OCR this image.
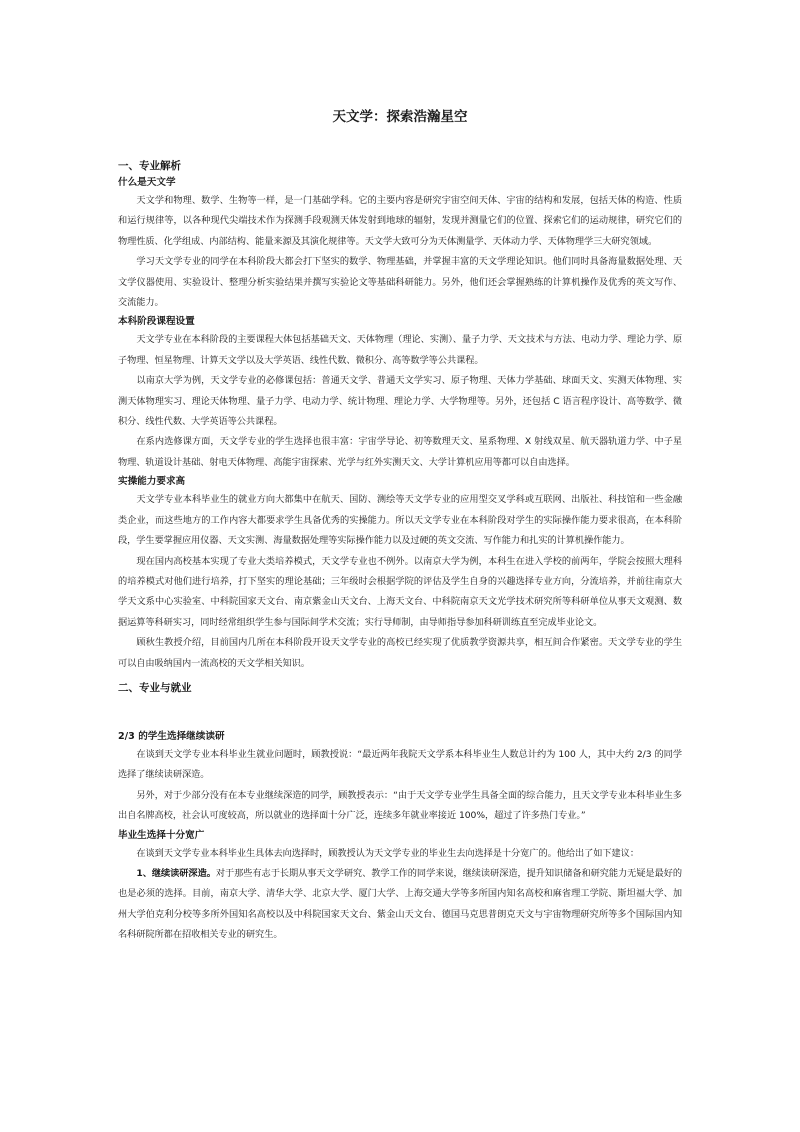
天文学：探索浩瀚星空
一、专业解析
什么是天文学

天文学和物理、数学、生物等一样，是一门基础学科。它的主要内容是研究宇宙空间天体、宇宙的结构和发展，包括天体的构造、性质和运行规律等，以各种现代尖端技术作为探测手段观测天体发射到地球的辐射，发现并测量它们的位置、探索它们的运动规律，研究它们的物理性质、化学组成、内部结构、能量来源及其演化规律等。天文学大致可分为天体测量学、天体动力学、天体物理学三大研究领域。

学习天文学专业的同学在本科阶段大都会打下坚实的数学、物理基础，并掌握丰富的天文学理论知识。他们同时具备海量数据处理、天文学仪器使用、实验设计、整理分析实验结果并撰写实验论文等基础科研能力。另外，他们还会掌握熟练的计算机操作及优秀的英文写作、交流能力。

本科阶段课程设置

天文学专业在本科阶段的主要课程大体包括基础天文、天体物理（理论、实测）、量子力学、天文技术与方法、电动力学、理论力学、原子物理、恒星物理、计算天文学以及大学英语、线性代数、微积分、高等数学等公共课程。

以南京大学为例，天文学专业的必修课包括：普通天文学、普通天文学实习、原子物理、天体力学基础、球面天文、实测天体物理、实测天体物理实习、理论天体物理、量子力学、电动力学、统计物理、理论力学、大学物理等。另外，还包括 C 语言程序设计、高等数学、微积分、线性代数、大学英语等公共课程。

在系内选修课方面，天文学专业的学生选择也很丰富：宇宙学导论、初等数理天文、星系物理、X 射线双星、航天器轨道力学、中子星物理、轨道设计基础、射电天体物理、高能宇宙探索、光学与红外实测天文、大学计算机应用等都可以自由选择。

实操能力要求高

天文学专业本科毕业生的就业方向大都集中在航天、国防、测绘等天文学专业的应用型交叉学科或互联网、出版社、科技馆和一些金融类企业，而这些地方的工作内容大都要求学生具备优秀的实操能力。所以天文学专业在本科阶段对学生的实际操作能力要求很高，在本科阶段，学生要掌握应用仪器、天文实测、海量数据处理等实际操作能力以及过硬的英文交流、写作能力和扎实的计算机操作能力。

现在国内高校基本实现了专业大类培养模式，天文学专业也不例外。以南京大学为例，本科生在进入学校的前两年，学院会按照大理科的培养模式对他们进行培养，打下坚实的理论基础；三年级时会根据学院的评估及学生自身的兴趣选择专业方向，分流培养，并前往南京大学天文系中心实验室、中科院国家天文台、南京紫金山天文台、上海天文台、中科院南京天文光学技术研究所等科研单位从事天文观测、数据运算等科研实习，同时经常组织学生参与国际间学术交流；实行导师制，由导师指导参加科研训练直至完成毕业论文。

顾秋生教授介绍，目前国内几所在本科阶段开设天文学专业的高校已经实现了优质教学资源共享，相互间合作紧密。天文学专业的学生可以自由吸纳国内一流高校的天文学相关知识。

二、专业与就业
2/3 的学生选择继续读研

在谈到天文学专业本科毕业生就业问题时，顾教授说：“最近两年我院天文学系本科毕业生人数总计约为 100 人，其中大约 2/3 的同学选择了继续读研深造。

另外，对于少部分没有在本专业继续深造的同学，顾教授表示：“由于天文学专业学生具备全面的综合能力，且天文学专业本科毕业生多出自名牌高校，社会认可度较高，所以就业的选择面十分广泛，连续多年就业率接近 100%，超过了许多热门专业。”

毕业生选择十分宽广

在谈到天文学专业本科毕业生具体去向选择时，顾教授认为天文学专业的毕业生去向选择是十分宽广的。他给出了如下建议：

1、继续读研深造。对于那些有志于长期从事天文学研究、教学工作的同学来说，继续读研深造，提升知识储备和研究能力无疑是最好的也是必须的选择。目前，南京大学、清华大学、北京大学、厦门大学、上海交通大学等多所国内知名高校和麻省理工学院、斯坦福大学、加州大学伯克利分校等多所外国知名高校以及中科院国家天文台、紫金山天文台、德国马克思普朗克天文与宇宙物理研究所等多个国际国内知名科研院所都在招收相关专业的研究生。
